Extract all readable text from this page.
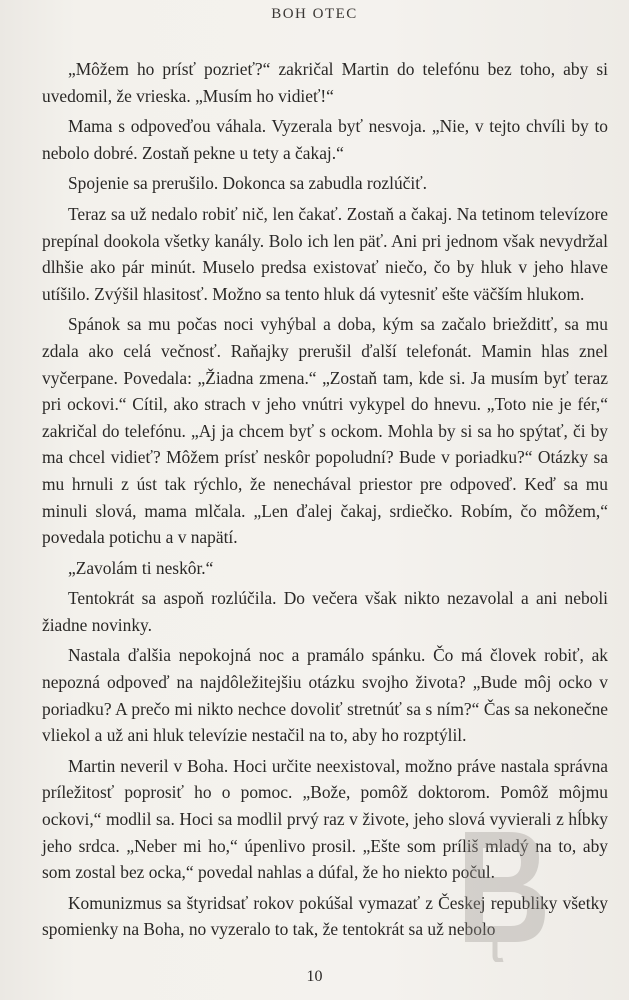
BOH OTEC

„Môžem ho prísť pozrieť?“ zakričal Martin do telefónu bez toho, aby si uvedomil, že vrieska. „Musím ho vidieť!“

Mama s odpoveďou váhala. Vyzerala byť nesvoja. „Nie, v tejto chvíli by to nebolo dobré. Zostaň pekne u tety a čakaj.“

Spojenie sa prerušilo. Dokonca sa zabudla rozlúčiť.

Teraz sa už nedalo robiť nič, len čakať. Zostaň a čakaj. Na tetinom televízore prepínal dookola všetky kanály. Bolo ich len päť. Ani pri jednom však nevydržal dlhšie ako pár minút. Muselo predsa existovať niečo, čo by hluk v jeho hlave utíšilo. Zvýšil hlasitosť. Možno sa tento hluk dá vytesniť ešte väčším hlukom.

Spánok sa mu počas noci vyhýbal a doba, kým sa začalo briežditť, sa mu zdala ako celá večnosť. Raňajky prerušil ďalší telefonát. Mamin hlas znel vyčerpane. Povedala: „Žiadna zmena.“ „Zostaň tam, kde si. Ja musím byť teraz pri ockovi.“ Cítil, ako strach v jeho vnútri vykypel do hnevu. „Toto nie je fér,“ zakričal do telefónu. „Aj ja chcem byť s ockom. Mohla by si sa ho spýtať, či by ma chcel vidieť? Môžem prísť neskôr popoludní? Bude v poriadku?“ Otázky sa mu hrnuli z úst tak rýchlo, že nenechával priestor pre odpoveď. Keď sa mu minuli slová, mama mlčala. „Len ďalej čakaj, srdiečko. Robím, čo môžem,“ povedala potichu a v napätí.

„Zavolám ti neskôr.“

Tentokrát sa aspoň rozlúčila. Do večera však nikto nezavolal a ani neboli žiadne novinky.

Nastala ďalšia nepokojná noc a pramálo spánku. Čo má človek robiť, ak nepozná odpoveď na najdôležitejšiu otázku svojho života? „Bude môj ocko v poriadku? A prečo mi nikto nechce dovoliť stretnúť sa s ním?“ Čas sa nekonečne vliekol a už ani hluk televízie nestačil na to, aby ho rozptýlil.

Martin neveril v Boha. Hoci určite neexistoval, možno práve nastala správna príležitosť poprosiť ho o pomoc. „Bože, pomôž doktorom. Pomôž môjmu ockovi,“ modlil sa. Hoci sa modlil prvý raz v živote, jeho slová vyvierali z hĺbky jeho srdca. „Neber mi ho,“ úpenlivo prosil. „Ešte som príliš mladý na to, aby som zostal bez ocka,“ povedal nahlas a dúfal, že ho niekto počul.

Komunizmus sa štyridsať rokov pokúšal vymazať z Českej republiky všetky spomienky na Boha, no vyzeralo to tak, že tentokrát sa už nebolo

10
